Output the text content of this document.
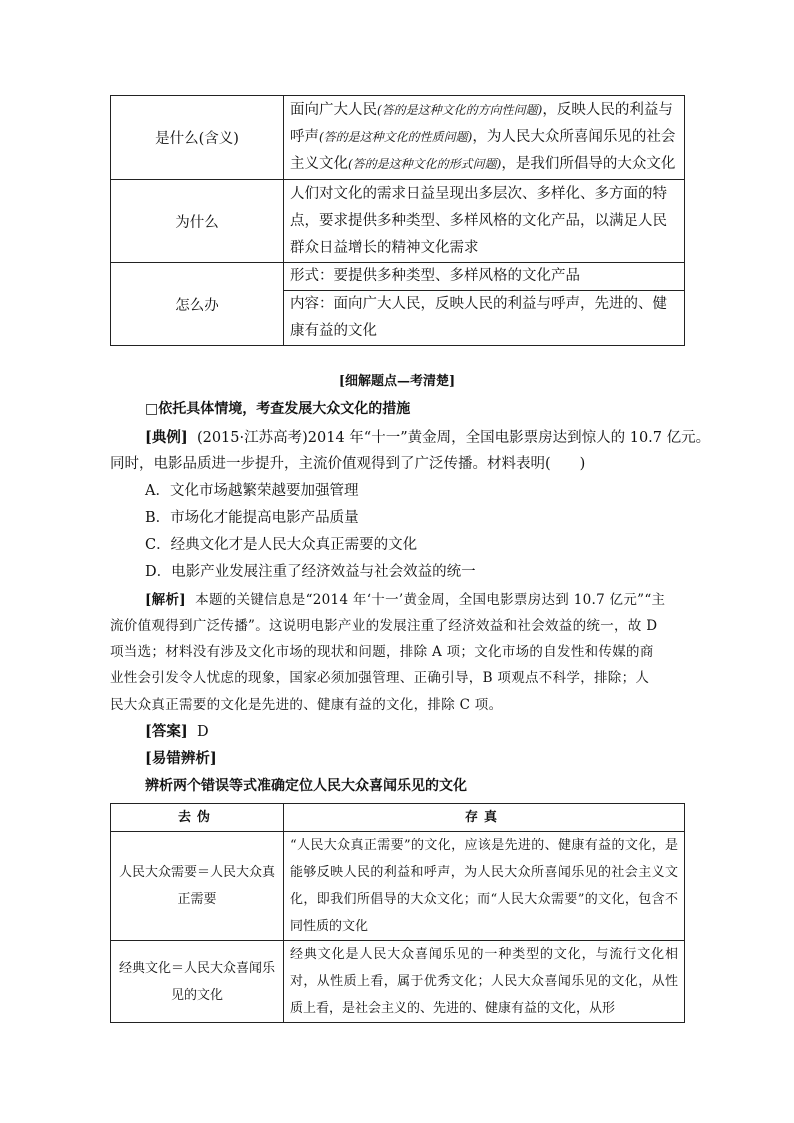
是什么(含义)	面向广大人民(答的是这种文化的方向性问题)，反映人民的利益与呼声(答的是这种文化的性质问题)，为人民大众所喜闻乐见的社会主义文化(答的是这种文化的形式问题)，是我们所倡导的大众文化
为什么	人们对文化的需求日益呈现出多层次、多样化、多方面的特点，要求提供多种类型、多样风格的文化产品，以满足人民群众日益增长的精神文化需求
怎么办	形式：要提供多种类型、多样风格的文化产品
	内容：面向广大人民，反映人民的利益与呼声，先进的、健康有益的文化
[细解题点—考清楚]
□依托具体情境，考查发展大众文化的措施
[典例] (2015·江苏高考)2014 年“十一”黄金周，全国电影票房达到惊人的 10.7 亿元。
同时，电影品质进一步提升，主流价值观得到了广泛传播。材料表明(　　)
A．文化市场越繁荣越要加强管理
B．市场化才能提高电影产品质量
C．经典文化才是人民大众真正需要的文化
D．电影产业发展注重了经济效益与社会效益的统一
[解析] 本题的关键信息是“2014 年‘十一’黄金周，全国电影票房达到 10.7 亿元”“主
流价值观得到广泛传播”。这说明电影产业的发展注重了经济效益和社会效益的统一，故 D
项当选；材料没有涉及文化市场的现状和问题，排除 A 项；文化市场的自发性和传媒的商
业性会引发令人忧虑的现象，国家必须加强管理、正确引导，B 项观点不科学，排除；人
民大众真正需要的文化是先进的、健康有益的文化，排除 C 项。
[答案] D
[易错辨析]
辨析两个错误等式准确定位人民大众喜闻乐见的文化
去伪	存真
人民大众需要＝人民大众真正需要	“人民大众真正需要”的文化，应该是先进的、健康有益的文化，是能够反映人民的利益和呼声，为人民大众所喜闻乐见的社会主义文化，即我们所倡导的大众文化；而“人民大众需要”的文化，包含不同性质的文化
经典文化＝人民大众喜闻乐见的文化	经典文化是人民大众喜闻乐见的一种类型的文化，与流行文化相对，从性质上看，属于优秀文化；人民大众喜闻乐见的文化，从性质上看，是社会主义的、先进的、健康有益的文化，从形
